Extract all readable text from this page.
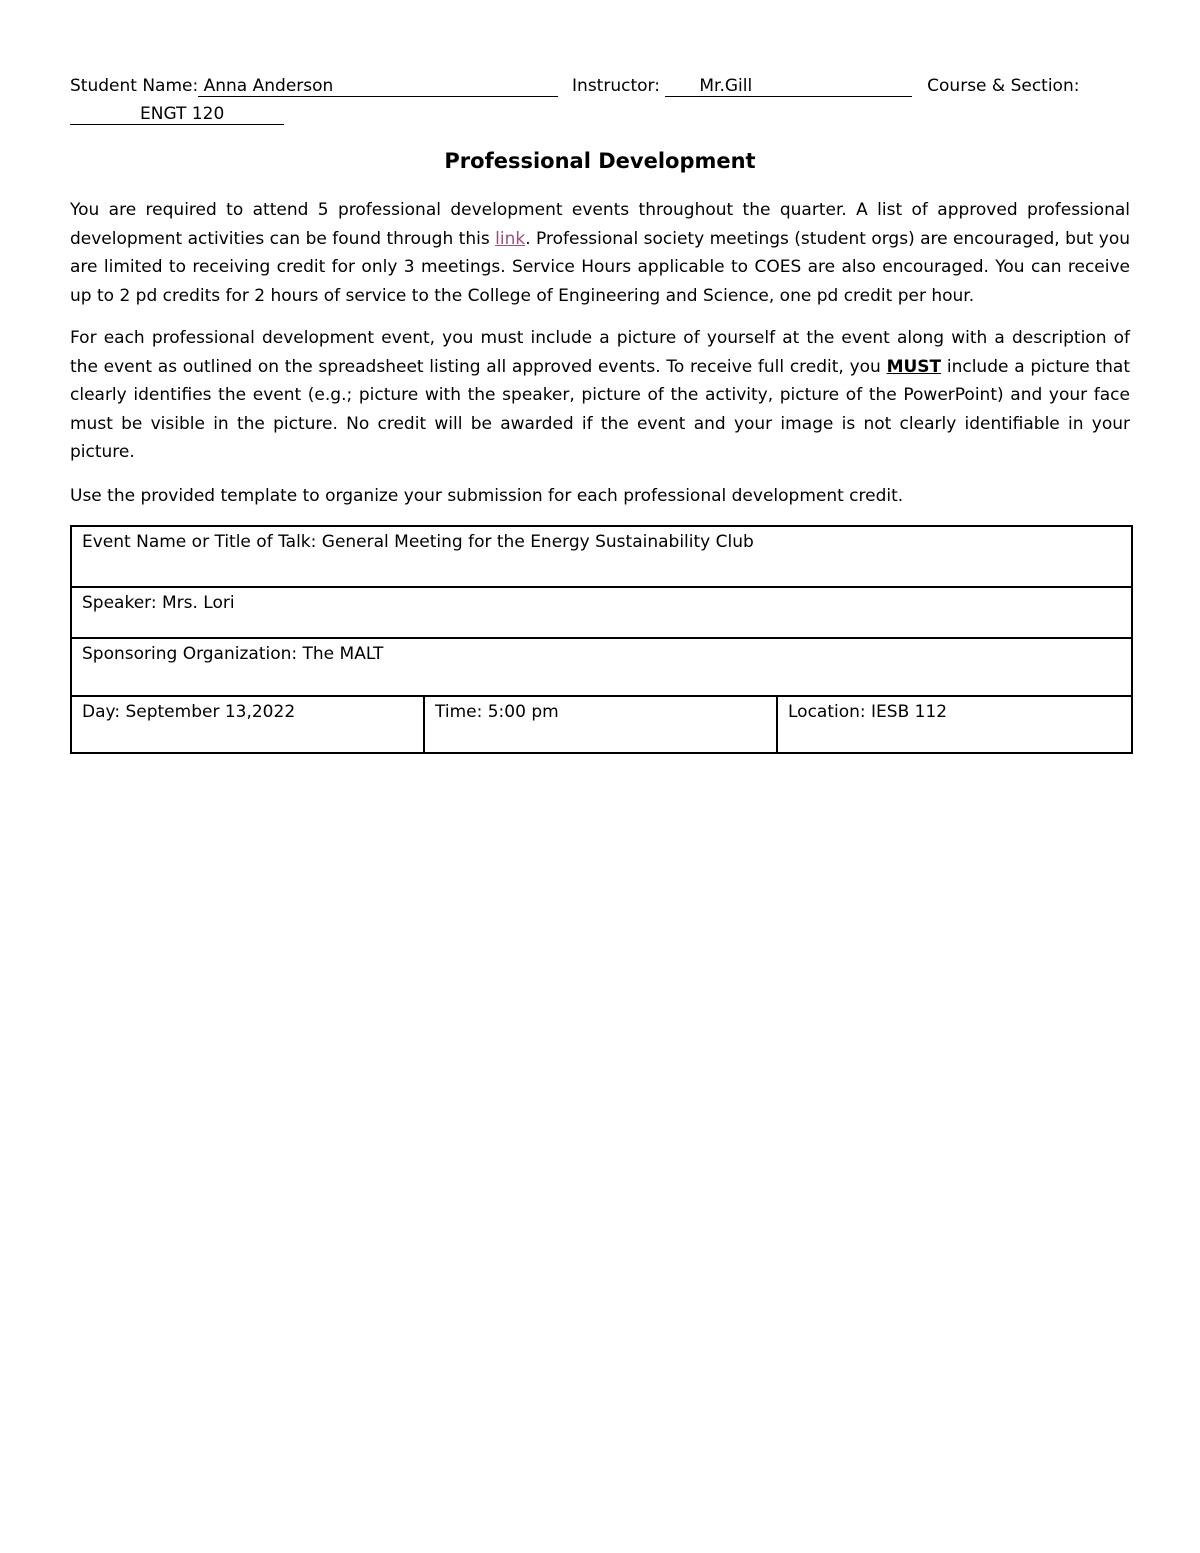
Student Name: Anna Anderson	Instructor: Mr.Gill	Course & Section:
ENGT 120
Professional Development

You are required to attend 5 professional development events throughout the quarter. A list of approved professional development activities can be found through this link. Professional society meetings (student orgs) are encouraged, but you are limited to receiving credit for only 3 meetings. Service Hours applicable to COES are also encouraged. You can receive up to 2 pd credits for 2 hours of service to the College of Engineering and Science, one pd credit per hour.

For each professional development event, you must include a picture of yourself at the event along with a description of the event as outlined on the spreadsheet listing all approved events. To receive full credit, you MUST include a picture that clearly identifies the event (e.g.; picture with the speaker, picture of the activity, picture of the PowerPoint) and your face must be visible in the picture. No credit will be awarded if the event and your image is not clearly identifiable in your picture.

Use the provided template to organize your submission for each professional development credit.

Event Name or Title of Talk: General Meeting for the Energy Sustainability Club
Speaker: Mrs. Lori
Sponsoring Organization: The MALT
Day: September 13,2022	Time: 5:00 pm	Location: IESB 112
